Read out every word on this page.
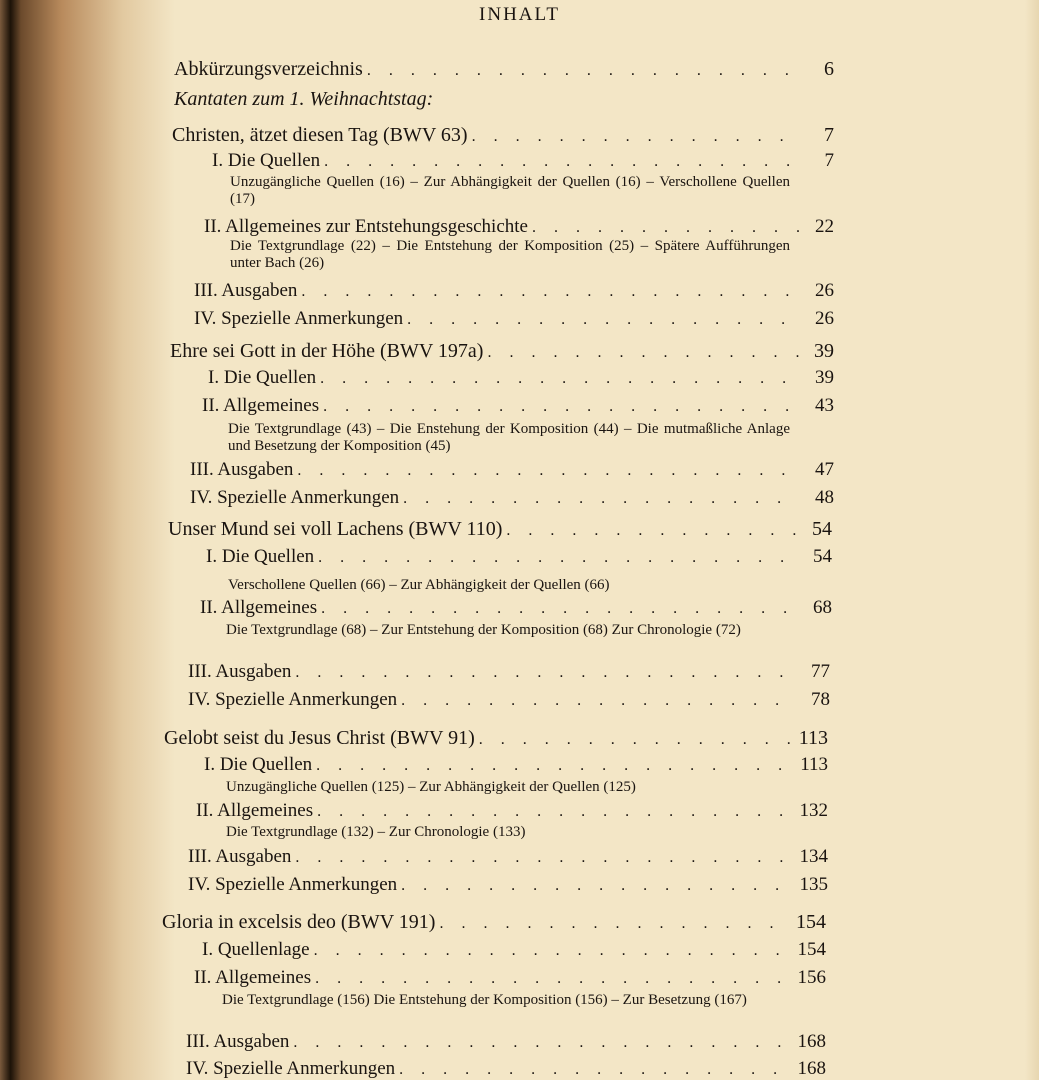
INHALT
Abkürzungsverzeichnis . . .	6
Kantaten zum 1. Weihnachtstag:
Christen, ätzet diesen Tag (BWV 63) . . .	7
I. Die Quellen . . .	7
Unzugängliche Quellen (16) – Zur Abhängigkeit der Quellen (16) – Verschollene Quellen (17)
II. Allgemeines zur Entstehungsgeschichte . . .	22
Die Textgrundlage (22) – Die Entstehung der Komposition (25) – Spätere Aufführungen unter Bach (26)
III. Ausgaben . . .	26
IV. Spezielle Anmerkungen . . .	26
Ehre sei Gott in der Höhe (BWV 197a) . . .	39
I. Die Quellen . . .	39
II. Allgemeines . . .	43
Die Textgrundlage (43) – Die Enstehung der Komposition (44) – Die mutmaßliche Anlage und Besetzung der Komposition (45)
III. Ausgaben . . .	47
IV. Spezielle Anmerkungen . . .	48
Unser Mund sei voll Lachens (BWV 110) . . .	54
I. Die Quellen . . .	54
Verschollene Quellen (66) – Zur Abhängigkeit der Quellen (66)
II. Allgemeines . . .	68
Die Textgrundlage (68) – Zur Entstehung der Komposition (68) Zur Chronologie (72)
III. Ausgaben . . .	77
IV. Spezielle Anmerkungen . . .	78
Gelobt seist du Jesus Christ (BWV 91) . . .	113
I. Die Quellen . . .	113
Unzugängliche Quellen (125) – Zur Abhängigkeit der Quellen (125)
II. Allgemeines . . .	132
Die Textgrundlage (132) – Zur Chronologie (133)
III. Ausgaben . . .	134
IV. Spezielle Anmerkungen . . .	135
Gloria in excelsis deo (BWV 191) . . .	154
I. Quellenlage . . .	154
II. Allgemeines . . .	156
Die Textgrundlage (156) Die Entstehung der Komposition (156) – Zur Besetzung (167)
III. Ausgaben . . .	168
IV. Spezielle Anmerkungen . . .	168
